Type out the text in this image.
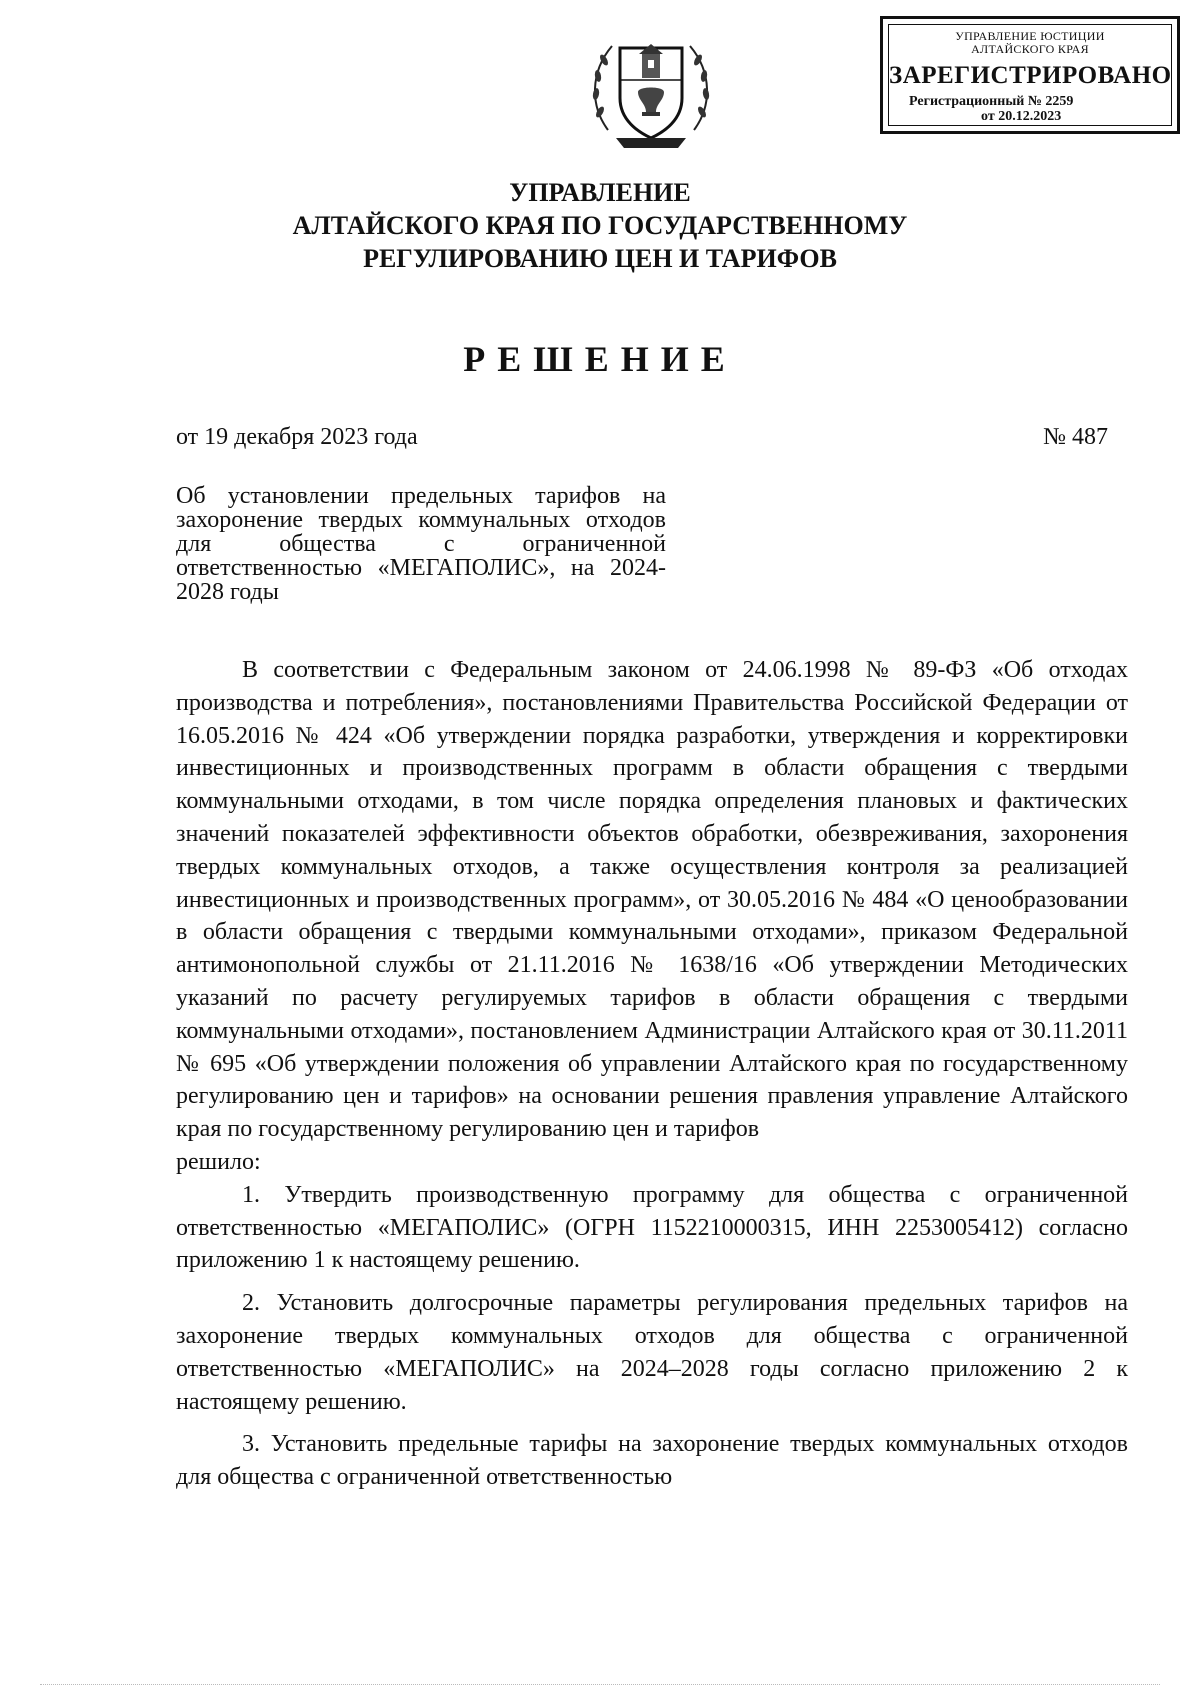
УПРАВЛЕНИЕ ЮСТИЦИИ
АЛТАЙСКОГО КРАЯ
ЗАРЕГИСТРИРОВАНО
Регистрационный № 2259
от 20.12.2023
УПРАВЛЕНИЕ
АЛТАЙСКОГО КРАЯ ПО ГОСУДАРСТВЕННОМУ
РЕГУЛИРОВАНИЮ ЦЕН И ТАРИФОВ
РЕШЕНИЕ
от 19 декабря 2023 года	№ 487
Об установлении предельных тарифов на захоронение твердых коммунальных отходов для общества с ограниченной ответственностью «МЕГАПОЛИС», на 2024-2028 годы

В соответствии с Федеральным законом от 24.06.1998 № 89-ФЗ «Об отходах производства и потребления», постановлениями Правительства Российской Федерации от 16.05.2016 № 424 «Об утверждении порядка разработки, утверждения и корректировки инвестиционных и производственных программ в области обращения с твердыми коммунальными отходами, в том числе порядка определения плановых и фактических значений показателей эффективности объектов обработки, обезвреживания, захоронения твердых коммунальных отходов, а также осуществления контроля за реализацией инвестиционных и производственных программ», от 30.05.2016 № 484 «О ценообразовании в области обращения с твердыми коммунальными отходами», приказом Федеральной антимонопольной службы от 21.11.2016 № 1638/16 «Об утверждении Методических указаний по расчету регулируемых тарифов в области обращения с твердыми коммунальными отходами», постановлением Администрации Алтайского края от 30.11.2011 № 695 «Об утверждении положения об управлении Алтайского края по государственному регулированию цен и тарифов» на основании решения правления управление Алтайского края по государственному регулированию цен и тарифов

решило:

1. Утвердить производственную программу для общества с ограниченной ответственностью «МЕГАПОЛИС» (ОГРН 1152210000315, ИНН 2253005412) согласно приложению 1 к настоящему решению.

2. Установить долгосрочные параметры регулирования предельных тарифов на захоронение твердых коммунальных отходов для общества с ограниченной ответственностью «МЕГАПОЛИС» на 2024–2028 годы согласно приложению 2 к настоящему решению.

3. Установить предельные тарифы на захоронение твердых коммунальных отходов для общества с ограниченной ответственностью
